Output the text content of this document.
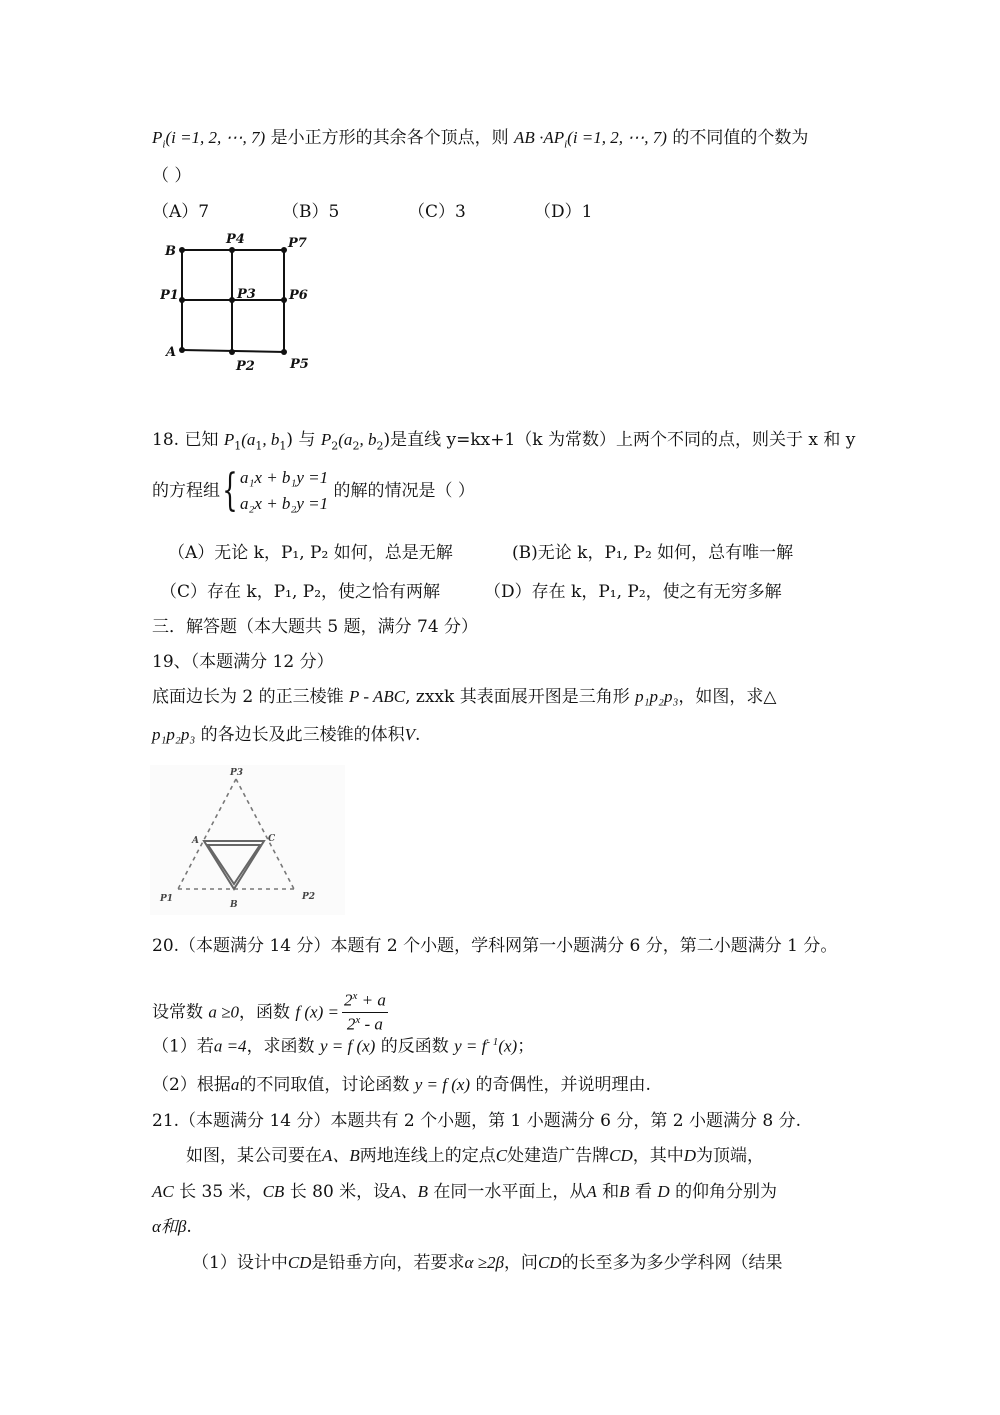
$P_i(i =1$, 2, ⋯, 7) 是小正方形的其余各个顶点，则 AB $\cdot AP_i(i =1$, 2, ⋯, 7) 的不同值的个数为
（ ）
（A）7	（B）5	（C）3	（D）1
B
P4	P7
P1	P3	P6
A
P2	P5
18. 已知 $P_1(a_1$, $b_1$) 与 $P_2(a_2$, $b_2$)是直线 y=kx+1（k 为常数）上两个不同的点，则关于 x 和 y
的方程组{ a₁x + b₁y =1
a₂x + b₂y =1
的解的情况是（ ）
（A）无论 k，P₁, P₂ 如何，总是无解	(B)无论 k，P₁, P₂ 如何，总有唯一解
（C）存在 k，P₁, P₂，使之恰有两解	（D）存在 k，P₁, P₂，使之有无穷多解
三．解答题（本大题共 5 题，满分 74 分）
19、（本题满分 12 分）
底面边长为 2 的正三棱锥 P - ABC, zxxk 其表面展开图是三角形 p₁p₂p₃，如图，求△
p₁p₂p₃ 的各边长及此三棱锥的体积V.
P3
A	C
P1
B
P2
20.（本题满分 14 分）本题有 2 个小题，学科网第一小题满分 6 分，第二小题满分 1 分。
设常数 a ≥0，函数 f $(x) = \frac{2^x + a}{2^x - a}$
（1）若a =4，求函数 y = f (x) 的反函数 $y = f^{- 1}(x)$；
（2）根据a的不同取值，讨论函数 y = f (x) 的奇偶性，并说明理由.
21.（本题满分 14 分）本题共有 2 个小题，第 1 小题满分 6 分，第 2 小题满分 8 分.
如图，某公司要在A、B两地连线上的定点C处建造广告牌CD，其中D为顶端，
AC 长 35 米，CB 长 80 米，设A、B 在同一水平面上，从A 和B 看 D 的仰角分别为
α和β.
（1）设计中CD是铅垂方向，若要求α ≥2β，问CD的长至多为多少学科网（结果
